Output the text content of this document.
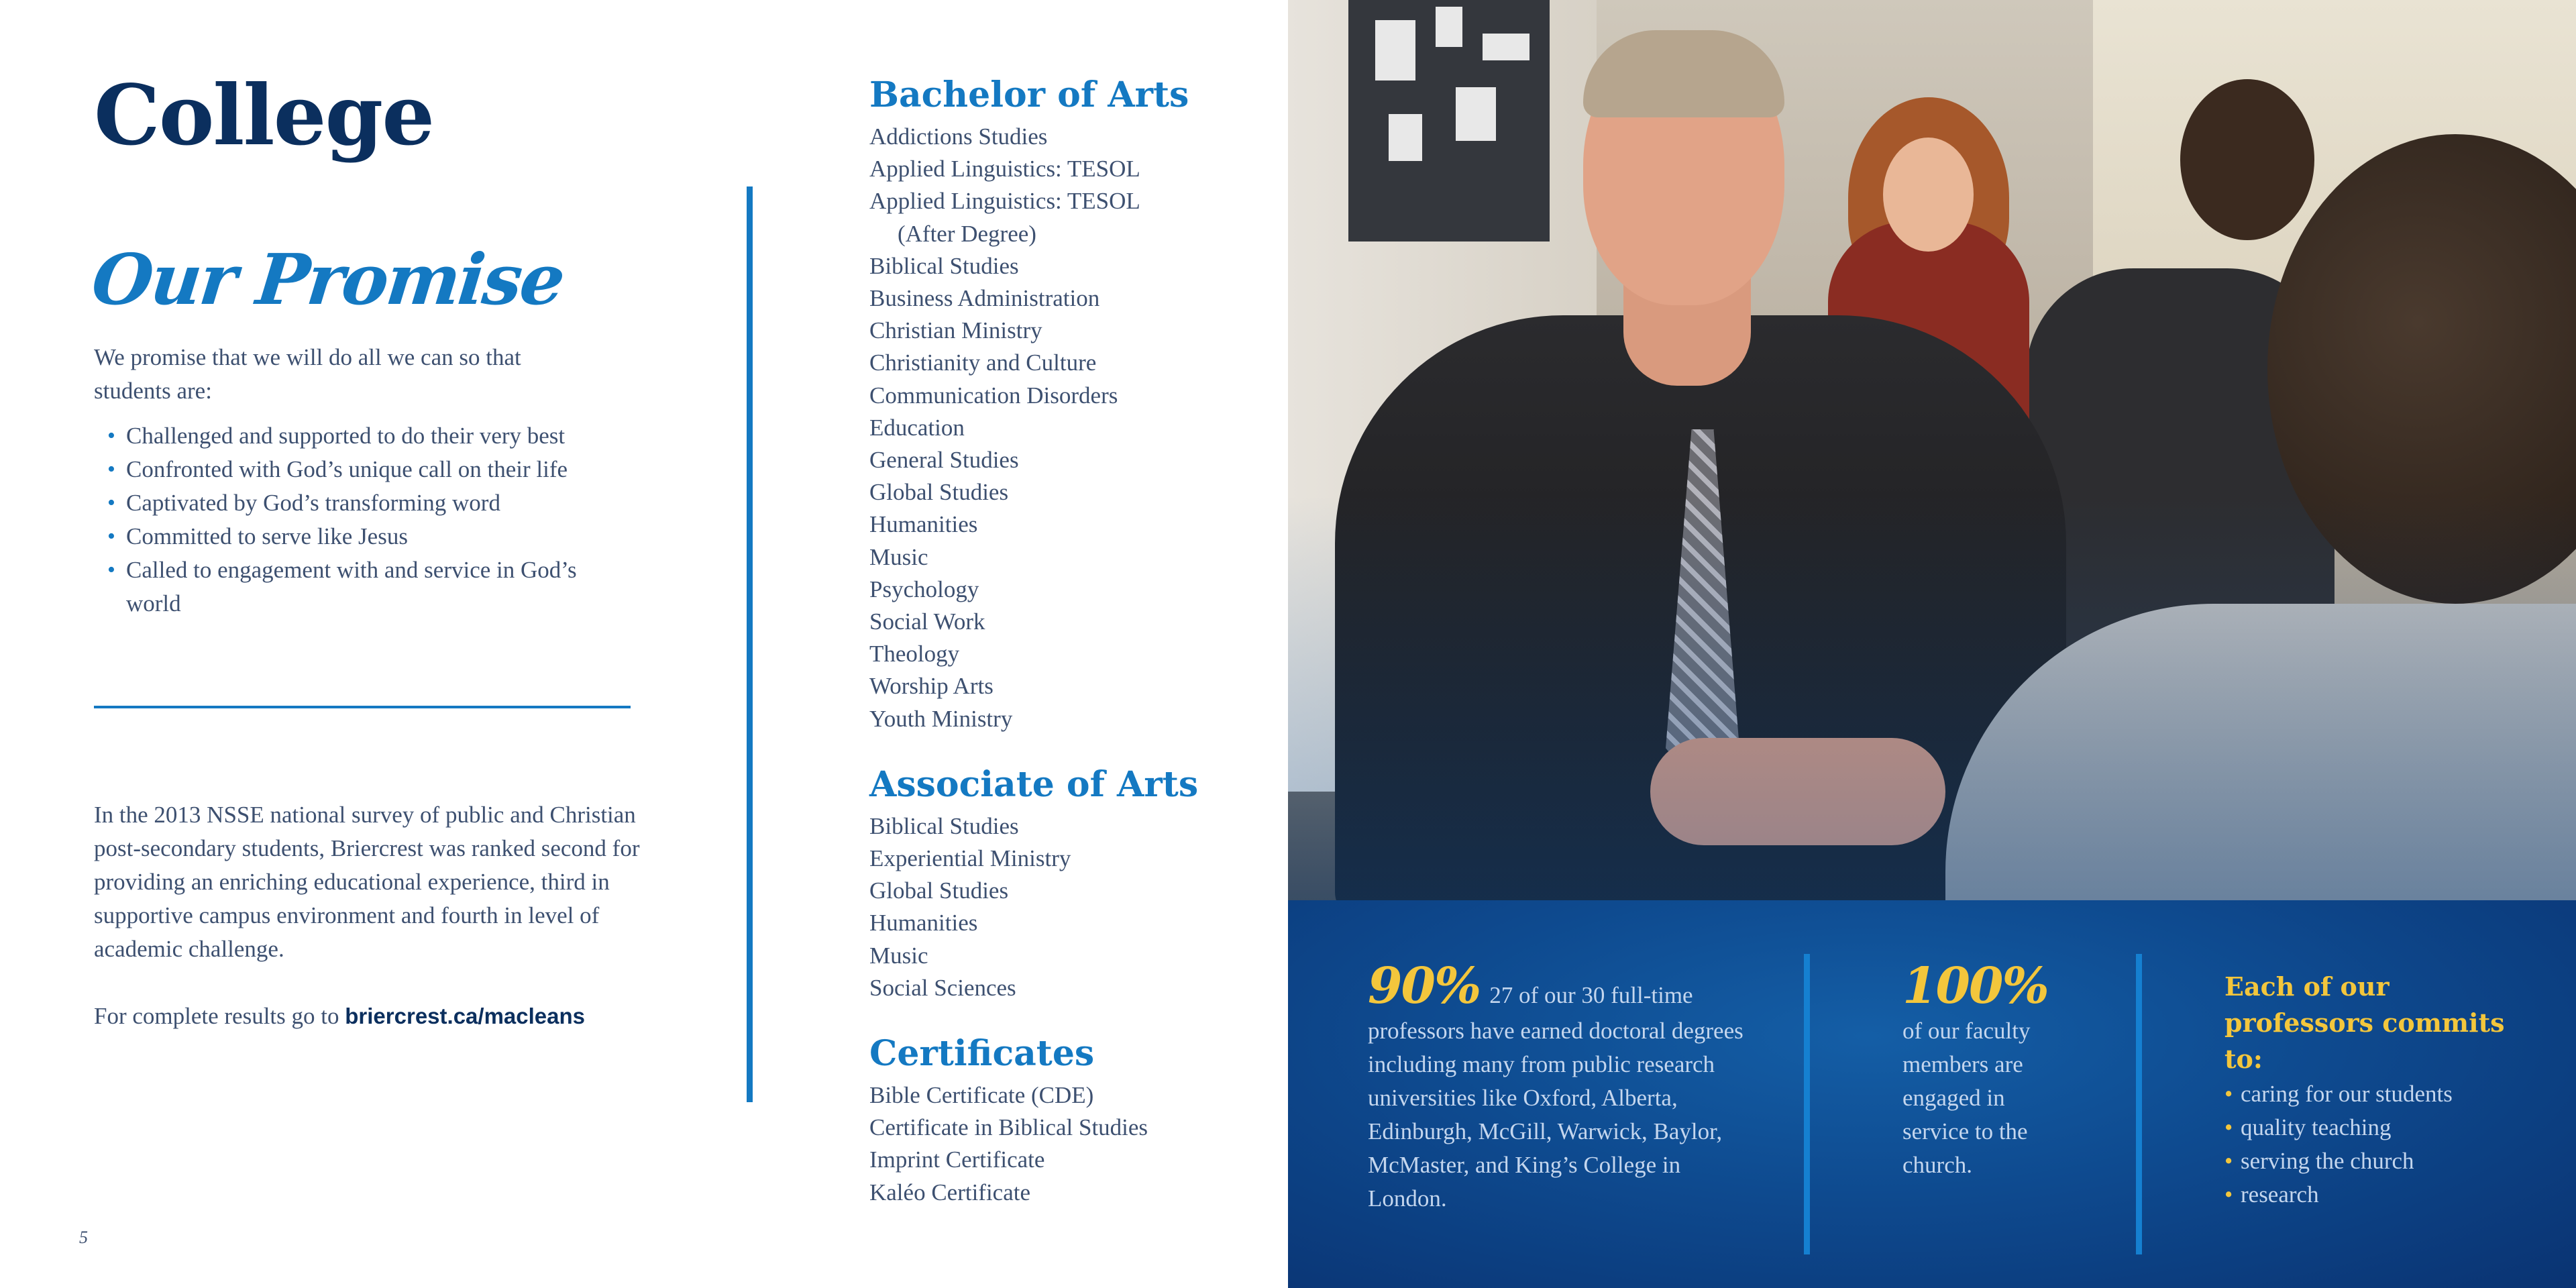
College
Our Promise

We promise that we will do all we can so that students are:

• Challenged and supported to do their very best
• Confronted with God’s unique call on their life
• Captivated by God’s transforming word
• Committed to serve like Jesus
• Called to engagement with and service in God’s world

In the 2013 NSSE national survey of public and Christian post-secondary students, Briercrest was ranked second for providing an enriching educational experience, third in supportive campus environment and fourth in level of academic challenge.

For complete results go to briercrest.ca/macleans

5
Bachelor of Arts
Addictions Studies
Applied Linguistics: TESOL
Applied Linguistics: TESOL
(After Degree)
Biblical Studies
Business Administration
Christian Ministry
Christianity and Culture
Communication Disorders
Education
General Studies
Global Studies
Humanities
Music
Psychology
Social Work
Theology
Worship Arts
Youth Ministry
Associate of Arts
Biblical Studies
Experiential Ministry
Global Studies
Humanities
Music
Social Sciences
Certificates
Bible Certificate (CDE)
Certificate in Biblical Studies
Imprint Certificate
Kaléo Certificate
90% 27 of our 30 full-time professors have earned doctoral degrees including many from public research universities like Oxford, Alberta, Edinburgh, McGill, Warwick, Baylor, McMaster, and King’s College in London.
100%
of our faculty members are engaged in service to the church.
Each of our professors commits to:
• caring for our students
• quality teaching
• serving the church
• research
